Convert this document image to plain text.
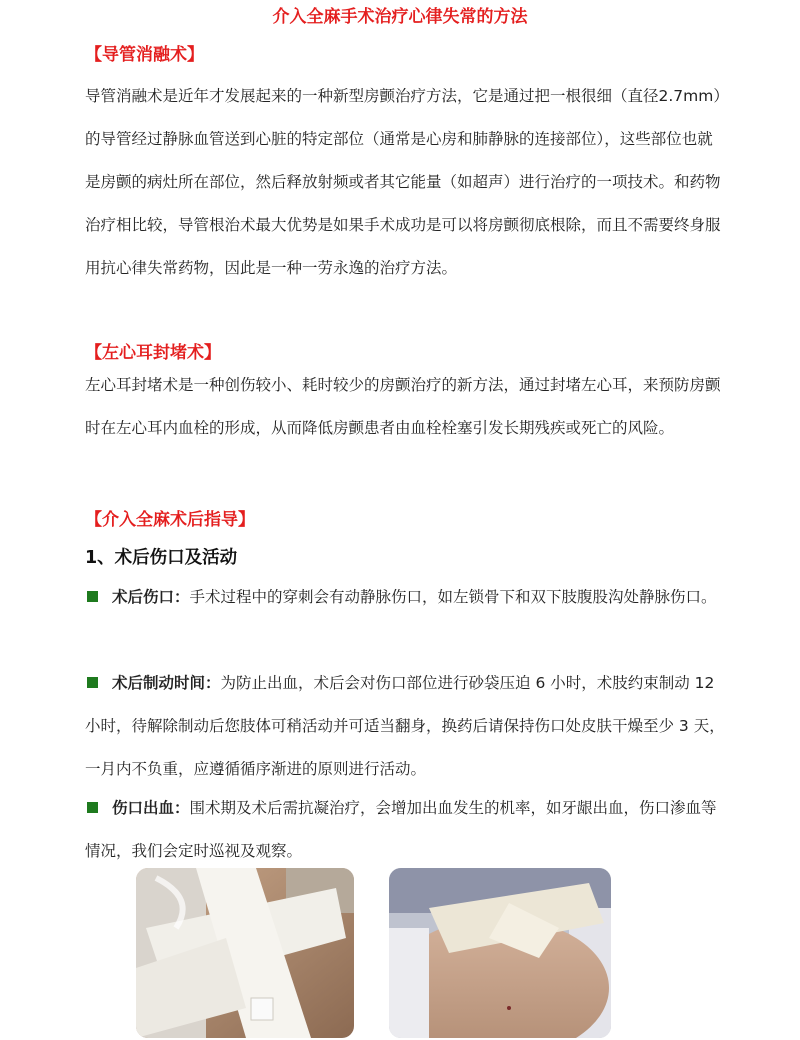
介入全麻手术治疗心律失常的方法
【导管消融术】

导管消融术是近年才发展起来的一种新型房颤治疗方法，它是通过把一根很细（直径2.7mm）的导管经过静脉血管送到心脏的特定部位（通常是心房和肺静脉的连接部位），这些部位也就是房颤的病灶所在部位，然后释放射频或者其它能量（如超声）进行治疗的一项技术。和药物治疗相比较，导管根治术最大优势是如果手术成功是可以将房颤彻底根除，而且不需要终身服用抗心律失常药物，因此是一种一劳永逸的治疗方法。

【左心耳封堵术】

左心耳封堵术是一种创伤较小、耗时较少的房颤治疗的新方法，通过封堵左心耳，来预防房颤时在左心耳内血栓的形成，从而降低房颤患者由血栓栓塞引发长期残疾或死亡的风险。

【介入全麻术后指导】
1、术后伤口及活动

术后伤口：手术过程中的穿刺会有动静脉伤口，如左锁骨下和双下肢腹股沟处静脉伤口。

术后制动时间：为防止出血，术后会对伤口部位进行砂袋压迫 6 小时，术肢约束制动 12 小时，待解除制动后您肢体可稍活动并可适当翻身，换药后请保持伤口处皮肤干燥至少 3 天，一月内不负重，应遵循循序渐进的原则进行活动。

伤口出血：围术期及术后需抗凝治疗，会增加出血发生的机率，如牙龈出血，伤口渗血等情况，我们会定时巡视及观察。
